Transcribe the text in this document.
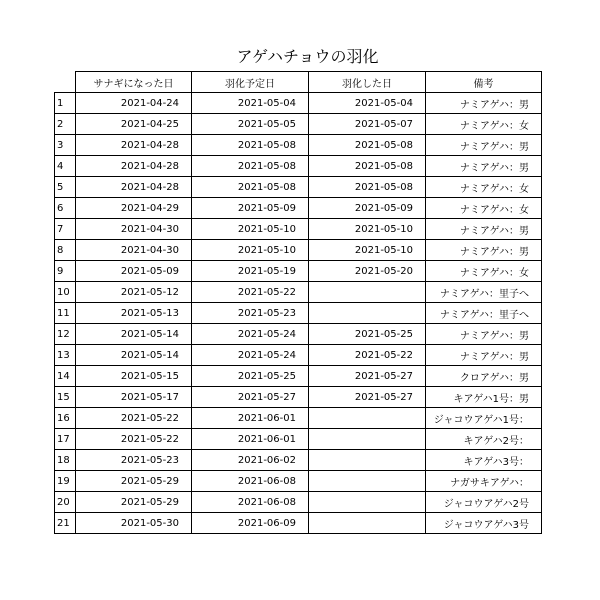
アゲハチョウの羽化
	サナギになった日	羽化予定日	羽化した日	備考
1	2021-04-24	2021-05-04	2021-05-04	ナミアゲハ：男
2	2021-04-25	2021-05-05	2021-05-07	ナミアゲハ：女
3	2021-04-28	2021-05-08	2021-05-08	ナミアゲハ：男
4	2021-04-28	2021-05-08	2021-05-08	ナミアゲハ：男
5	2021-04-28	2021-05-08	2021-05-08	ナミアゲハ：女
6	2021-04-29	2021-05-09	2021-05-09	ナミアゲハ：女
7	2021-04-30	2021-05-10	2021-05-10	ナミアゲハ：男
8	2021-04-30	2021-05-10	2021-05-10	ナミアゲハ：男
9	2021-05-09	2021-05-19	2021-05-20	ナミアゲハ：女
10	2021-05-12	2021-05-22		ナミアゲハ：里子へ
11	2021-05-13	2021-05-23		ナミアゲハ：里子へ
12	2021-05-14	2021-05-24	2021-05-25	ナミアゲハ：男
13	2021-05-14	2021-05-24	2021-05-22	ナミアゲハ：男
14	2021-05-15	2021-05-25	2021-05-27	クロアゲハ：男
15	2021-05-17	2021-05-27	2021-05-27	キアゲハ1号：男
16	2021-05-22	2021-06-01		ジャコウアゲハ1号：
17	2021-05-22	2021-06-01		キアゲハ2号：
18	2021-05-23	2021-06-02		キアゲハ3号：
19	2021-05-29	2021-06-08		ナガサキアゲハ：
20	2021-05-29	2021-06-08		ジャコウアゲハ2号
21	2021-05-30	2021-06-09		ジャコウアゲハ3号
